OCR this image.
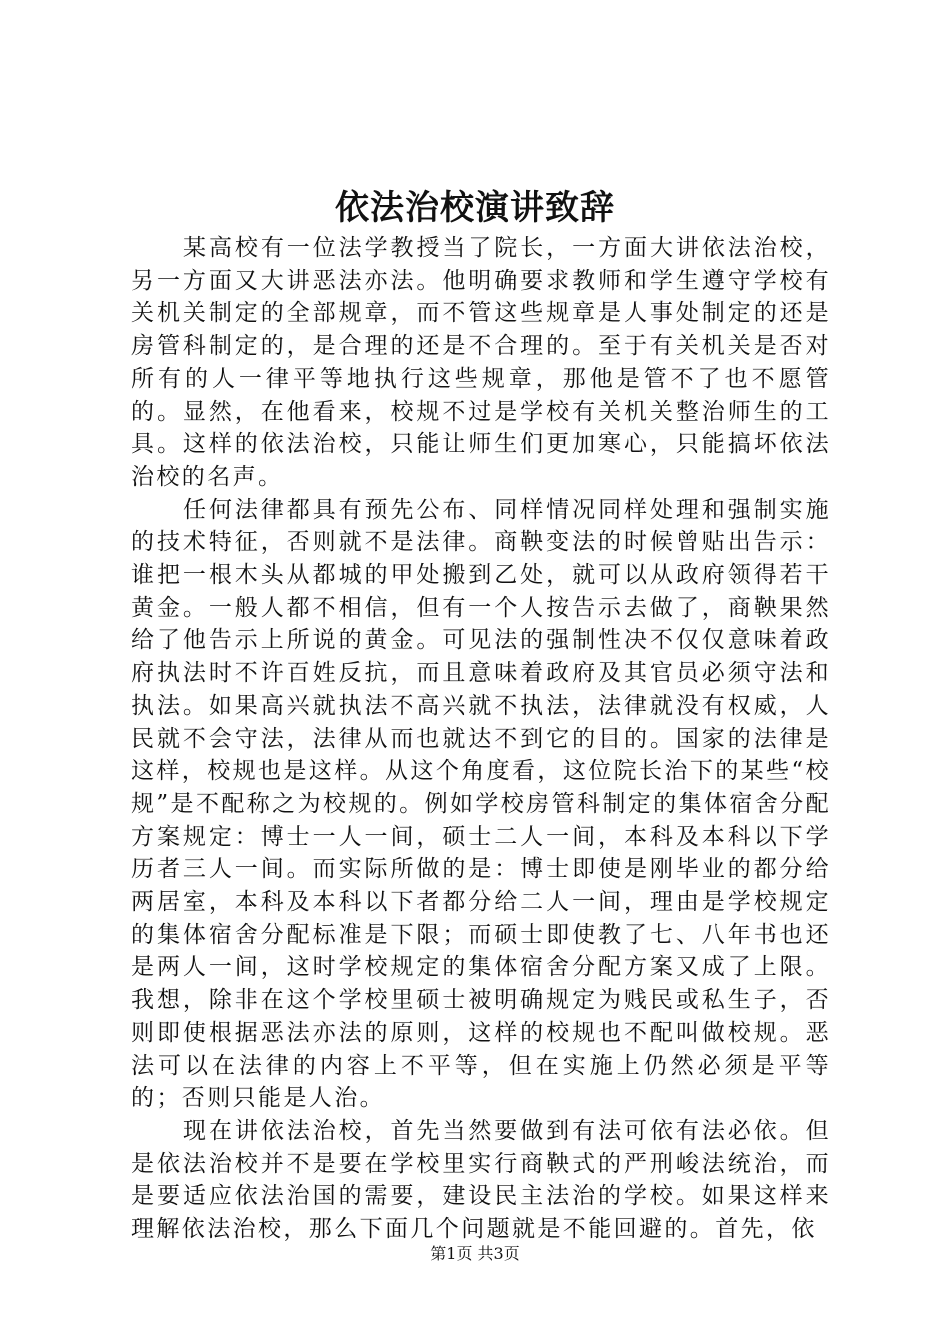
依法治校演讲致辞

某高校有一位法学教授当了院长，一方面大讲依法治校，另一方面又大讲恶法亦法。他明确要求教师和学生遵守学校有关机关制定的全部规章，而不管这些规章是人事处制定的还是房管科制定的，是合理的还是不合理的。至于有关机关是否对所有的人一律平等地执行这些规章，那他是管不了也不愿管的。显然，在他看来，校规不过是学校有关机关整治师生的工具。这样的依法治校，只能让师生们更加寒心，只能搞坏依法治校的名声。

任何法律都具有预先公布、同样情况同样处理和强制实施的技术特征，否则就不是法律。商鞅变法的时候曾贴出告示：谁把一根木头从都城的甲处搬到乙处，就可以从政府领得若干黄金。一般人都不相信，但有一个人按告示去做了，商鞅果然给了他告示上所说的黄金。可见法的强制性决不仅仅意味着政府执法时不许百姓反抗，而且意味着政府及其官员必须守法和执法。如果高兴就执法不高兴就不执法，法律就没有权威，人民就不会守法，法律从而也就达不到它的目的。国家的法律是这样，校规也是这样。从这个角度看，这位院长治下的某些“校规”是不配称之为校规的。例如学校房管科制定的集体宿舍分配方案规定：博士一人一间，硕士二人一间，本科及本科以下学历者三人一间。而实际所做的是：博士即使是刚毕业的都分给两居室，本科及本科以下者都分给二人一间，理由是学校规定的集体宿舍分配标准是下限；而硕士即使教了七、八年书也还是两人一间，这时学校规定的集体宿舍分配方案又成了上限。我想，除非在这个学校里硕士被明确规定为贱民或私生子，否则即使根据恶法亦法的原则，这样的校规也不配叫做校规。恶法可以在法律的内容上不平等，但在实施上仍然必须是平等的；否则只能是人治。

现在讲依法治校，首先当然要做到有法可依有法必依。但是依法治校并不是要在学校里实行商鞅式的严刑峻法统治，而是要适应依法治国的需要，建设民主法治的学校。如果这样来理解依法治校，那么下面几个问题就是不能回避的。首先，依

第1页 共3页
